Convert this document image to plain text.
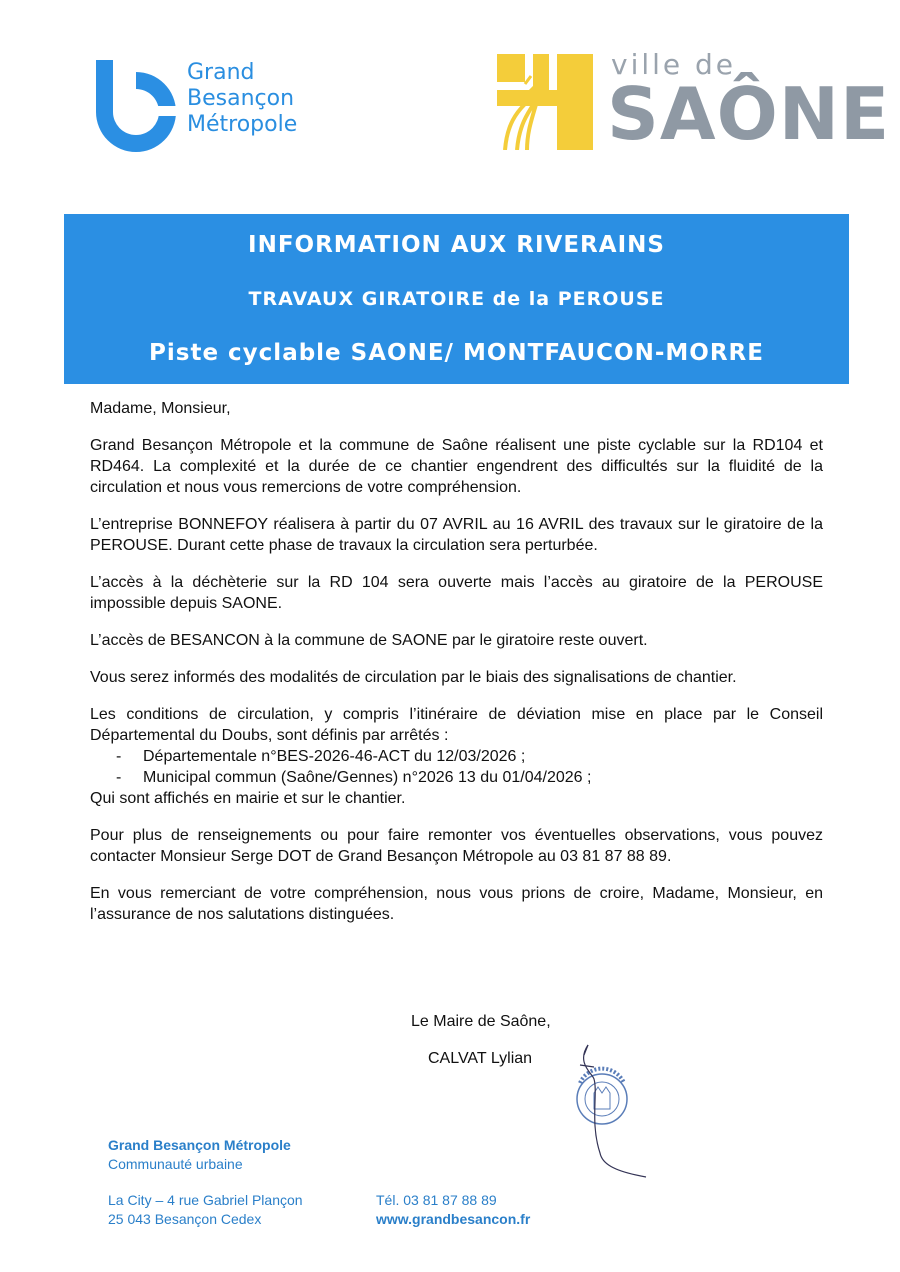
Grand
Besançon
Métropole
ville de
SAÔNE
INFORMATION AUX RIVERAINS
TRAVAUX GIRATOIRE de la PEROUSE
Piste cyclable SAONE/ MONTFAUCON-MORRE

Madame, Monsieur,

Grand Besançon Métropole et la commune de Saône réalisent une piste cyclable sur la RD104 et RD464. La complexité et la durée de ce chantier engendrent des difficultés sur la fluidité de la circulation et nous vous remercions de votre compréhension.

L’entreprise BONNEFOY réalisera à partir du 07 AVRIL au 16 AVRIL des travaux sur le giratoire de la PEROUSE. Durant cette phase de travaux la circulation sera perturbée.

L’accès à la déchèterie sur la RD 104 sera ouverte mais l’accès au giratoire de la PEROUSE impossible depuis SAONE.

L’accès de BESANCON à la commune de SAONE par le giratoire reste ouvert.

Vous serez informés des modalités de circulation par le biais des signalisations de chantier.

Les conditions de circulation, y compris l’itinéraire de déviation mise en place par le Conseil Départemental du Doubs, sont définis par arrêtés :

- Départementale n°BES-2026-46-ACT du 12/03/2026 ;
- Municipal commun (Saône/Gennes) n°2026 13 du 01/04/2026 ;

Qui sont affichés en mairie et sur le chantier.

Pour plus de renseignements ou pour faire remonter vos éventuelles observations, vous pouvez contacter Monsieur Serge DOT de Grand Besançon Métropole au 03 81 87 88 89.

En vous remerciant de votre compréhension, nous vous prions de croire, Madame, Monsieur, en l’assurance de nos salutations distinguées.

Le Maire de Saône,
CALVAT Lylian
Grand Besançon Métropole
Communauté urbaine
La City – 4 rue Gabriel Plançon
25 043 Besançon Cedex
Tél. 03 81 87 88 89
www.grandbesancon.fr
